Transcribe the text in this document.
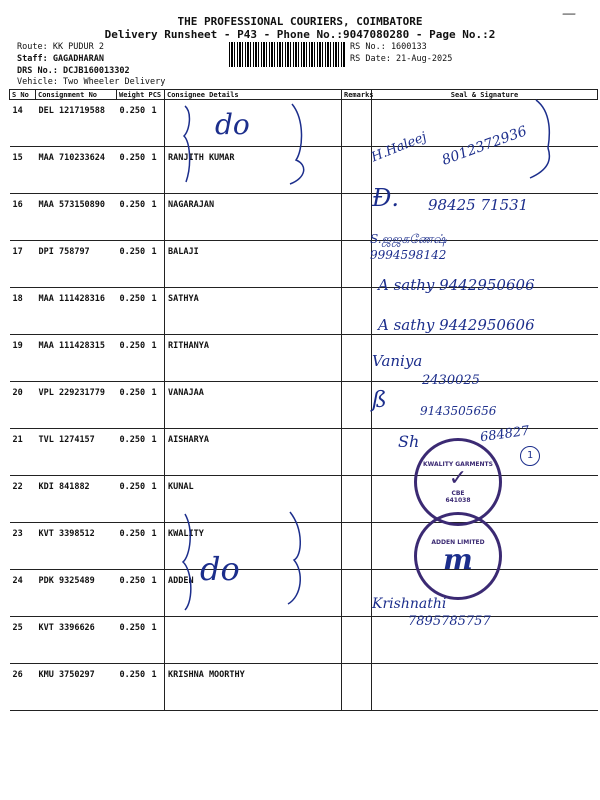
THE PROFESSIONAL COURIERS, COIMBATORE
Delivery Runsheet - P43 - Phone No.:9047080280 - Page No.:2
Route: KK PUDUR 2
Staff: GAGADHARAN
DRS No.: DCJB160013302
Vehicle: Two Wheeler Delivery
RS No.: 1600133
RS Date: 21-Aug-2025
—
S No	Consignment No	Weight	PCS	Consignee Details	Remarks	Seal & Signature
14	DEL 121719588	0.250	1			
15	MAA 710233624	0.250	1	RANJITH KUMAR		
16	MAA 573150890	0.250	1	NAGARAJAN		
17	DPI 758797	0.250	1	BALAJI		
18	MAA 111428316	0.250	1	SATHYA		
19	MAA 111428315	0.250	1	RITHANYA		
20	VPL 229231779	0.250	1	VANAJAA		
21	TVL 1274157	0.250	1	AISHARYA		
22	KDI 841882	0.250	1	KUNAL		
23	KVT 3398512	0.250	1	KWALITY		
24	PDK 9325489	0.250	1	ADDEN		
25	KVT 3396626	0.250	1			
26	KMU 3750297	0.250	1	KRISHNA MOORTHY		
do
do
H.Haleej 8012372936
Ɖ. 98425 71531
S.ஜஜகணேஷ்
9994598142
A sathy 9442950606
A sathy 9442950606
Vaniya
2430025
ß	9143505656
Sh	684827
1
Krishnathi
7895785757
KWALITY GARMENTS
✓
CBE
641038
ADDEN LIMITED
m
